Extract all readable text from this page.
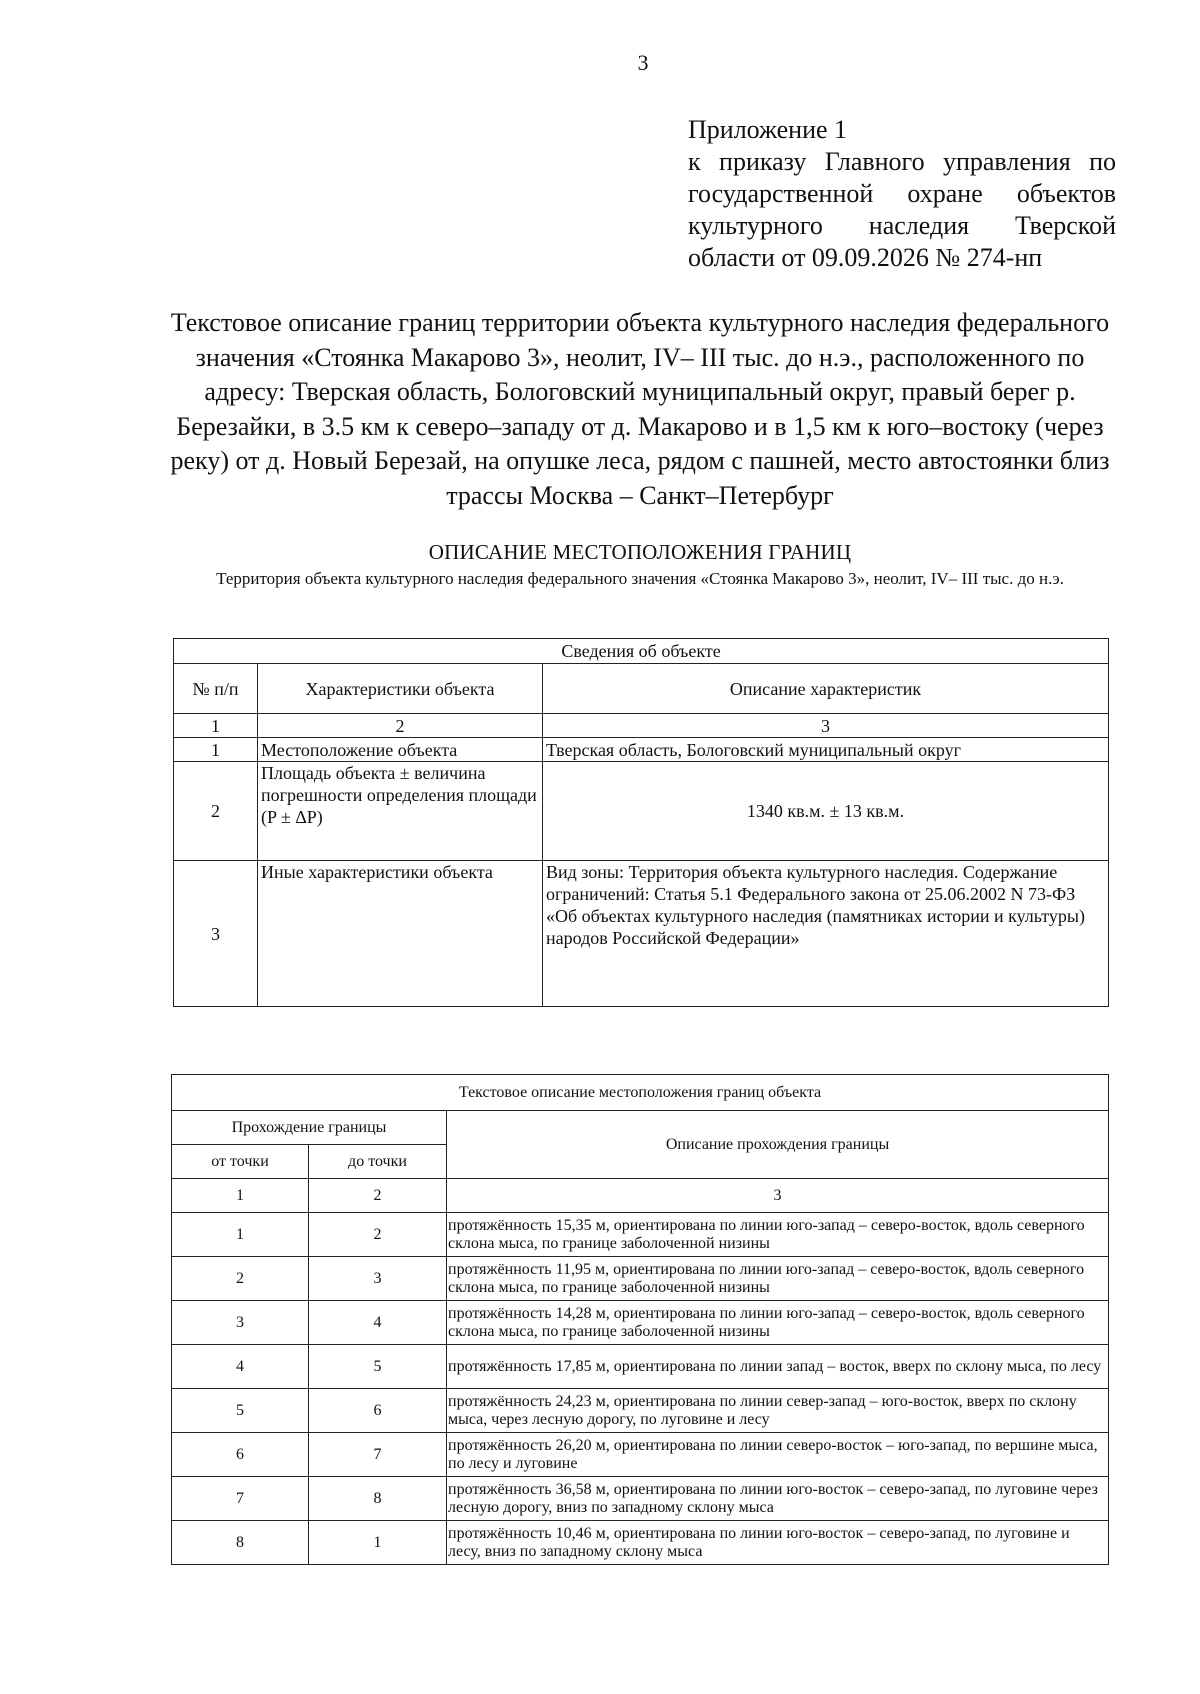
3
Приложение 1
к приказу Главного управления по государственной охране объектов культурного наследия Тверской области от 09.09.2026 № 274-нп
Текстовое описание границ территории объекта культурного наследия федерального значения «Стоянка Макарово 3», неолит, IV– III тыс. до н.э., расположенного по адресу: Тверская область, Бологовский муниципальный округ, правый берег р. Березайки, в 3.5 км к северо–западу от д. Макарово и в 1,5 км к юго–востоку (через реку) от д. Новый Березай, на опушке леса, рядом с пашней, место автостоянки близ трассы Москва – Санкт–Петербург
ОПИСАНИЕ МЕСТОПОЛОЖЕНИЯ ГРАНИЦ
Территория объекта культурного наследия федерального значения «Стоянка Макарово 3», неолит, IV– III тыс. до н.э.
Сведения об объекте		
№ п/п	Характеристики объекта	Описание характеристик
1	2	3
1	Местоположение объекта	Тверская область, Бологовский муниципальный округ
2	Площадь объекта ± величина погрешности определения площади (P ± ΔP)	1340 кв.м. ± 13 кв.м.
3	Иные характеристики объекта	Вид зоны: Территория объекта культурного наследия. Содержание ограничений: Статья 5.1 Федерального закона от 25.06.2002 N 73-ФЗ «Об объектах культурного наследия (памятниках истории и культуры) народов Российской Федерации»
Текстовое описание местоположения границ объекта		
Прохождение границы		Описание прохождения границы
от точки	до точки	
1	2	3
1	2	протяжённость 15,35 м, ориентирована по линии юго-запад – северо-восток, вдоль северного склона мыса, по границе заболоченной низины
2	3	протяжённость 11,95 м, ориентирована по линии юго-запад – северо-восток, вдоль северного склона мыса, по границе заболоченной низины
3	4	протяжённость 14,28 м, ориентирована по линии юго-запад – северо-восток, вдоль северного склона мыса, по границе заболоченной низины
4	5	протяжённость 17,85 м, ориентирована по линии запад – восток, вверх по склону мыса, по лесу
5	6	протяжённость 24,23 м, ориентирована по линии север-запад – юго-восток, вверх по склону мыса, через лесную дорогу, по луговине и лесу
6	7	протяжённость 26,20 м, ориентирована по линии северо-восток – юго-запад, по вершине мыса, по лесу и луговине
7	8	протяжённость 36,58 м, ориентирована по линии юго-восток – северо-запад, по луговине через лесную дорогу, вниз по западному склону мыса
8	1	протяжённость 10,46 м, ориентирована по линии юго-восток – северо-запад, по луговине и лесу, вниз по западному склону мыса
